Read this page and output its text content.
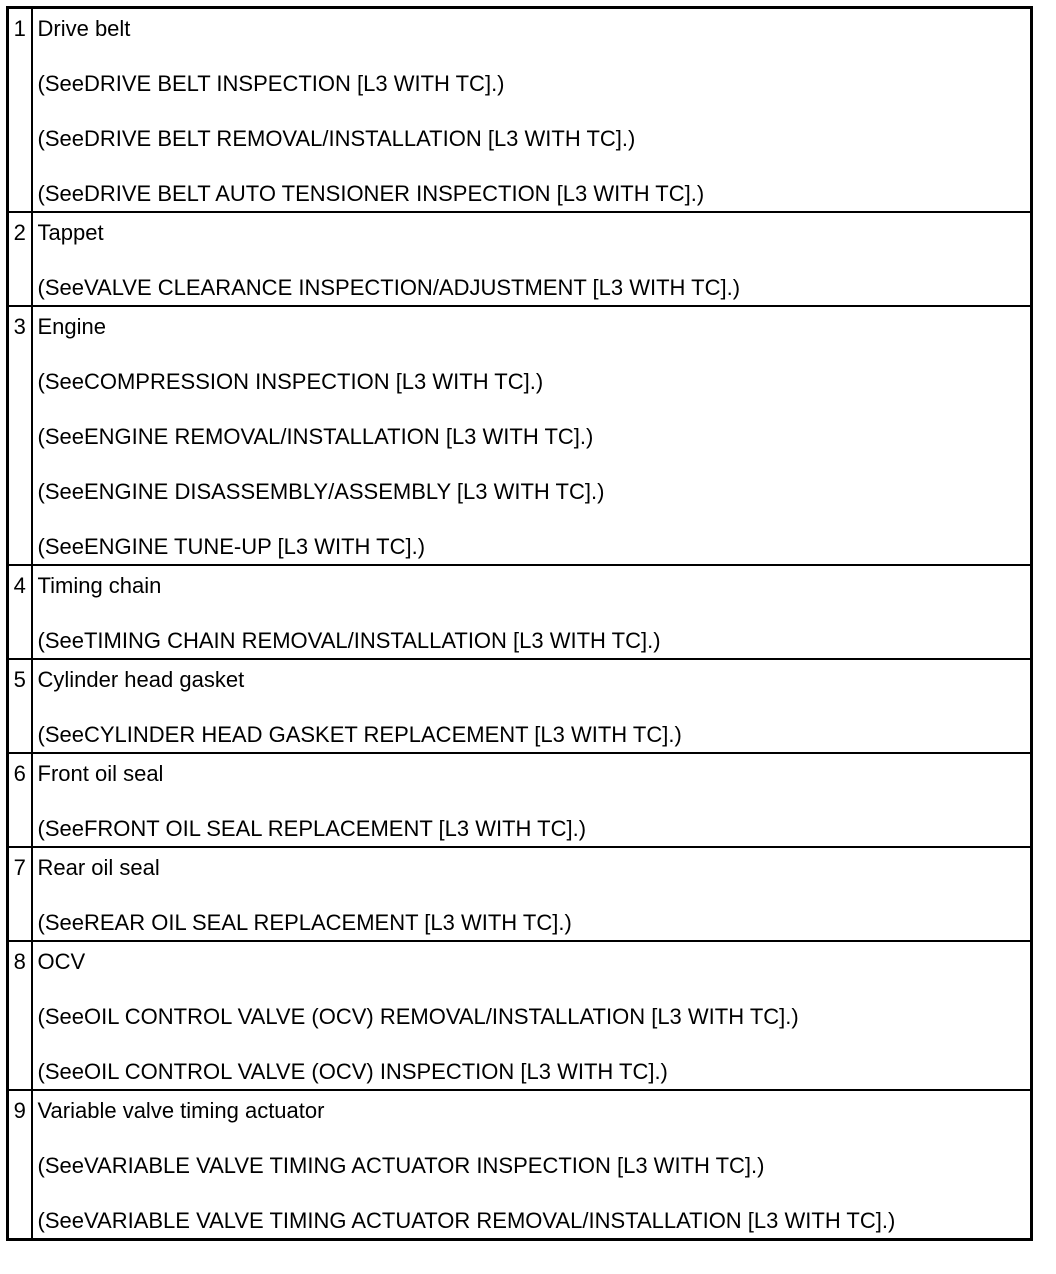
1	Drive belt
(SeeDRIVE BELT INSPECTION [L3 WITH TC].)
(SeeDRIVE BELT REMOVAL/INSTALLATION [L3 WITH TC].)
(SeeDRIVE BELT AUTO TENSIONER INSPECTION [L3 WITH TC].)

2	Tappet
(SeeVALVE CLEARANCE INSPECTION/ADJUSTMENT [L3 WITH TC].)

3	Engine
(SeeCOMPRESSION INSPECTION [L3 WITH TC].)
(SeeENGINE REMOVAL/INSTALLATION [L3 WITH TC].)
(SeeENGINE DISASSEMBLY/ASSEMBLY [L3 WITH TC].)
(SeeENGINE TUNE-UP [L3 WITH TC].)

4	Timing chain
(SeeTIMING CHAIN REMOVAL/INSTALLATION [L3 WITH TC].)

5	Cylinder head gasket
(SeeCYLINDER HEAD GASKET REPLACEMENT [L3 WITH TC].)

6	Front oil seal
(SeeFRONT OIL SEAL REPLACEMENT [L3 WITH TC].)

7	Rear oil seal
(SeeREAR OIL SEAL REPLACEMENT [L3 WITH TC].)

8	OCV
(SeeOIL CONTROL VALVE (OCV) REMOVAL/INSTALLATION [L3 WITH TC].)
(SeeOIL CONTROL VALVE (OCV) INSPECTION [L3 WITH TC].)

9	Variable valve timing actuator
(SeeVARIABLE VALVE TIMING ACTUATOR INSPECTION [L3 WITH TC].)
(SeeVARIABLE VALVE TIMING ACTUATOR REMOVAL/INSTALLATION [L3 WITH TC].)
